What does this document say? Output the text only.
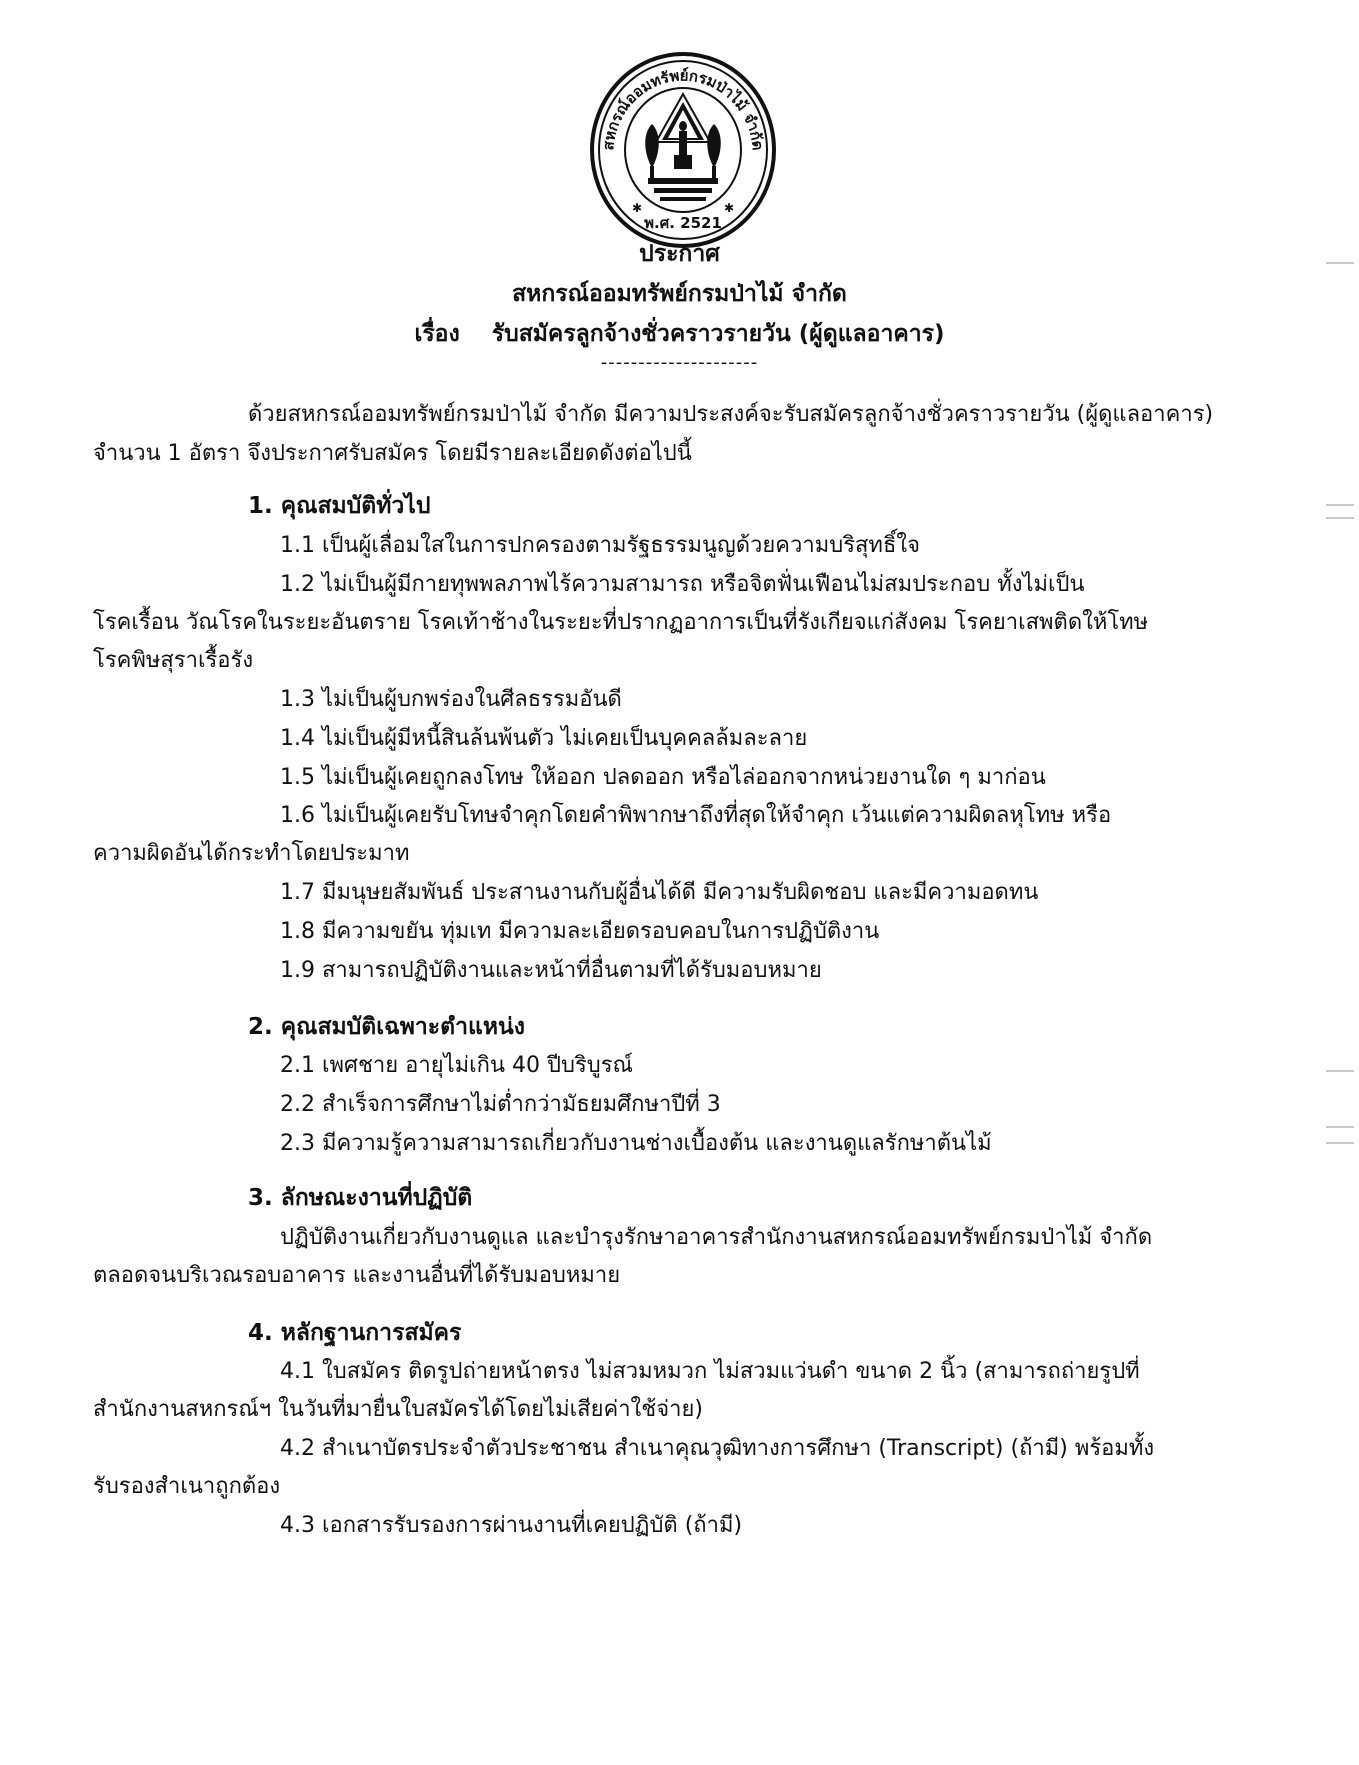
สหกรณ์ออมทรัพย์กรมป่าไม้ จำกัด
พ.ศ. 2521
✱	✱
ประกาศ
สหกรณ์ออมทรัพย์กรมป่าไม้ จำกัด
เรื่อง รับสมัครลูกจ้างชั่วคราวรายวัน (ผู้ดูแลอาคาร)
---------------------
ด้วยสหกรณ์ออมทรัพย์กรมป่าไม้ จำกัด มีความประสงค์จะรับสมัครลูกจ้างชั่วคราวรายวัน (ผู้ดูแลอาคาร)
จำนวน 1 อัตรา จึงประกาศรับสมัคร โดยมีรายละเอียดดังต่อไปนี้
1. คุณสมบัติทั่วไป
1.1 เป็นผู้เลื่อมใสในการปกครองตามรัฐธรรมนูญด้วยความบริสุทธิ์ใจ
1.2 ไม่เป็นผู้มีกายทุพพลภาพไร้ความสามารถ หรือจิตฟั่นเฟือนไม่สมประกอบ ทั้งไม่เป็น
โรคเรื้อน วัณโรคในระยะอันตราย โรคเท้าช้างในระยะที่ปรากฏอาการเป็นที่รังเกียจแก่สังคม โรคยาเสพติดให้โทษ
โรคพิษสุราเรื้อรัง
1.3 ไม่เป็นผู้บกพร่องในศีลธรรมอันดี
1.4 ไม่เป็นผู้มีหนี้สินล้นพ้นตัว ไม่เคยเป็นบุคคลล้มละลาย
1.5 ไม่เป็นผู้เคยถูกลงโทษ ให้ออก ปลดออก หรือไล่ออกจากหน่วยงานใด ๆ มาก่อน
1.6 ไม่เป็นผู้เคยรับโทษจำคุกโดยคำพิพากษาถึงที่สุดให้จำคุก เว้นแต่ความผิดลหุโทษ หรือ
ความผิดอันได้กระทำโดยประมาท
1.7 มีมนุษยสัมพันธ์ ประสานงานกับผู้อื่นได้ดี มีความรับผิดชอบ และมีความอดทน
1.8 มีความขยัน ทุ่มเท มีความละเอียดรอบคอบในการปฏิบัติงาน
1.9 สามารถปฏิบัติงานและหน้าที่อื่นตามที่ได้รับมอบหมาย
2. คุณสมบัติเฉพาะตำแหน่ง
2.1 เพศชาย อายุไม่เกิน 40 ปีบริบูรณ์
2.2 สำเร็จการศึกษาไม่ต่ำกว่ามัธยมศึกษาปีที่ 3
2.3 มีความรู้ความสามารถเกี่ยวกับงานช่างเบื้องต้น และงานดูแลรักษาต้นไม้
3. ลักษณะงานที่ปฏิบัติ
ปฏิบัติงานเกี่ยวกับงานดูแล และบำรุงรักษาอาคารสำนักงานสหกรณ์ออมทรัพย์กรมป่าไม้ จำกัด
ตลอดจนบริเวณรอบอาคาร และงานอื่นที่ได้รับมอบหมาย
4. หลักฐานการสมัคร
4.1 ใบสมัคร ติดรูปถ่ายหน้าตรง ไม่สวมหมวก ไม่สวมแว่นดำ ขนาด 2 นิ้ว (สามารถถ่ายรูปที่
สำนักงานสหกรณ์ฯ ในวันที่มายื่นใบสมัครได้โดยไม่เสียค่าใช้จ่าย)
4.2 สำเนาบัตรประจำตัวประชาชน สำเนาคุณวุฒิทางการศึกษา (Transcript) (ถ้ามี) พร้อมทั้ง
รับรองสำเนาถูกต้อง
4.3 เอกสารรับรองการผ่านงานที่เคยปฏิบัติ (ถ้ามี)
